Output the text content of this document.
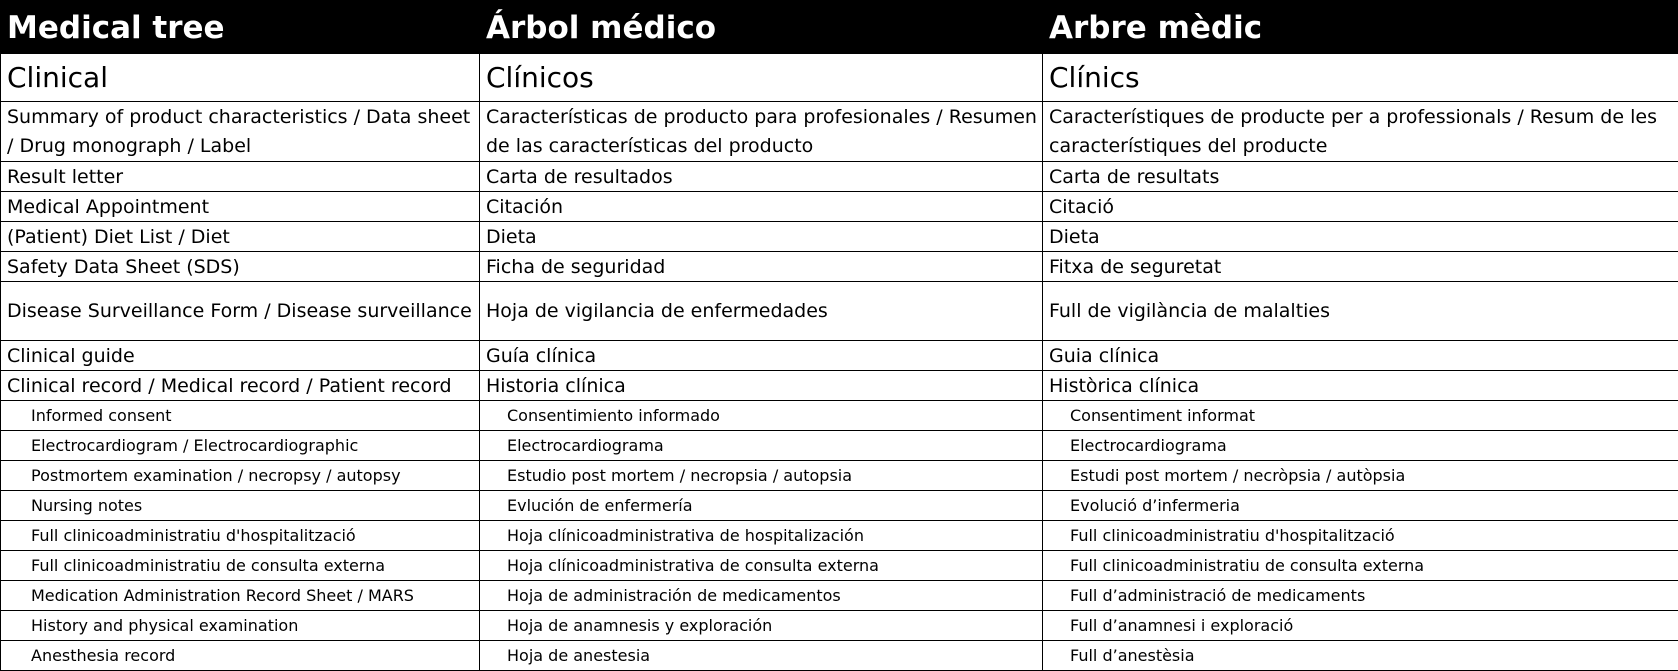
Medical tree	Árbol médico	Arbre mèdic
Clinical	Clínicos	Clínics
Summary of product characteristics / Data sheet / Drug monograph / Label	Características de producto para profesionales / Resumen de las características del producto	Característiques de producte per a professionals / Resum de les característiques del producte
Result letter	Carta de resultados	Carta de resultats
Medical Appointment	Citación	Citació
(Patient) Diet List / Diet	Dieta	Dieta
Safety Data Sheet (SDS)	Ficha de seguridad	Fitxa de seguretat
Disease Surveillance Form / Disease surveillance	Hoja de vigilancia de enfermedades	Full de vigilància de malalties
Clinical guide	Guía clínica	Guia clínica
Clinical record / Medical record / Patient record	Historia clínica	Històrica clínica
Informed consent	Consentimiento informado	Consentiment informat
Electrocardiogram / Electrocardiographic	Electrocardiograma	Electrocardiograma
Postmortem examination / necropsy / autopsy	Estudio post mortem / necropsia / autopsia	Estudi post mortem / necròpsia / autòpsia
Nursing notes	Evlución de enfermería	Evolució d’infermeria
Full clinicoadministratiu d'hospitalització	Hoja clínicoadministrativa de hospitalización	Full clinicoadministratiu d'hospitalització
Full clinicoadministratiu de consulta externa	Hoja clínicoadministrativa de consulta externa	Full clinicoadministratiu de consulta externa
Medication Administration Record Sheet / MARS	Hoja de administración de medicamentos	Full d’administració de medicaments
History and physical examination	Hoja de anamnesis y exploración	Full d’anamnesi i exploració
Anesthesia record	Hoja de anestesia	Full d’anestèsia
